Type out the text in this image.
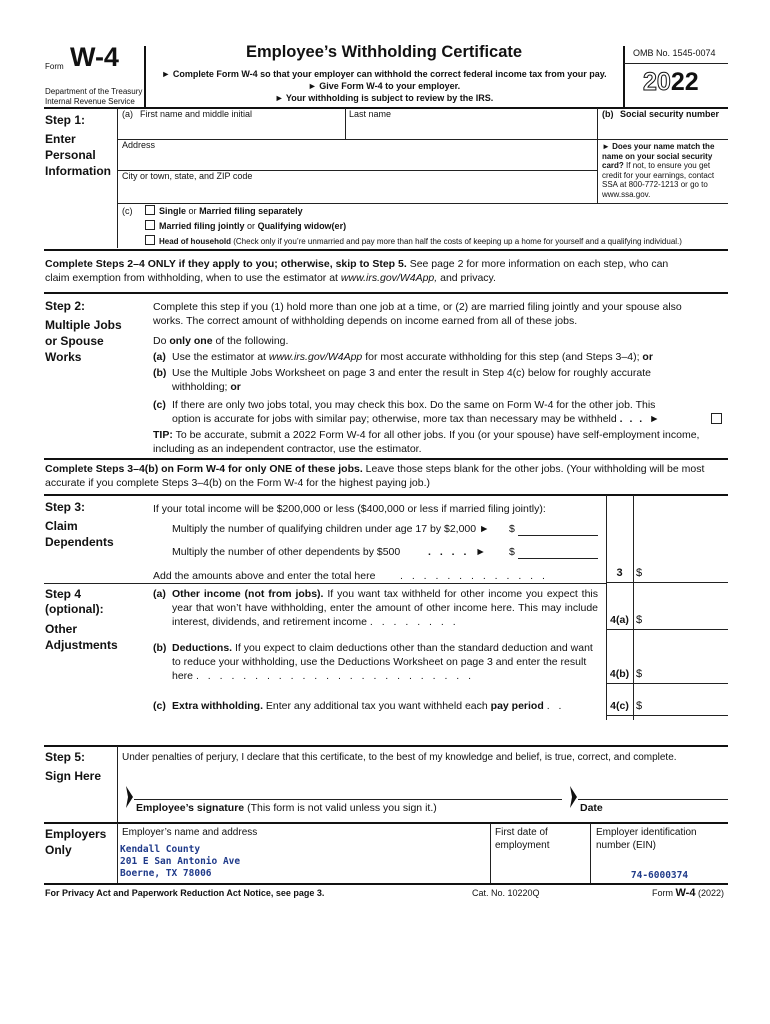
Form W-4
Department of the Treasury
Internal Revenue Service
Employee’s Withholding Certificate
► Complete Form W-4 so that your employer can withhold the correct federal income tax from your pay.
► Give Form W-4 to your employer.
► Your withholding is subject to review by the IRS.
OMB No. 1545-0074
2022
Step 1:
Enter Personal Information
(a) First name and middle initial	Last name	(b) Social security number
Address
City or town, state, and ZIP code
► Does your name match the name on your social security card? If not, to ensure you get credit for your earnings, contact SSA at 800-772-1213 or go to www.ssa.gov.
(c)	Single or Married filing separately
Married filing jointly or Qualifying widow(er)
Head of household (Check only if you’re unmarried and pay more than half the costs of keeping up a home for yourself and a qualifying individual.)
Complete Steps 2–4 ONLY if they apply to you; otherwise, skip to Step 5. See page 2 for more information on each step, who can
claim exemption from withholding, when to use the estimator at www.irs.gov/W4App, and privacy.
Step 2:
Multiple Jobs or Spouse Works
Complete this step if you (1) hold more than one job at a time, or (2) are married filing jointly and your spouse also works. The correct amount of withholding depends on income earned from all of these jobs.
Do only one of the following.
(a) Use the estimator at www.irs.gov/W4App for most accurate withholding for this step (and Steps 3–4); or
(b) Use the Multiple Jobs Worksheet on page 3 and enter the result in Step 4(c) below for roughly accurate withholding; or
(c) If there are only two jobs total, you may check this box. Do the same on Form W-4 for the other job. This
option is accurate for jobs with similar pay; otherwise, more tax than necessary may be withheld . . . ►
TIP: To be accurate, submit a 2022 Form W-4 for all other jobs. If you (or your spouse) have self-employment income, including as an independent contractor, use the estimator.
Complete Steps 3–4(b) on Form W-4 for only ONE of these jobs. Leave those steps blank for the other jobs. (Your withholding will be most accurate if you complete Steps 3–4(b) on the Form W-4 for the highest paying job.)
Step 3:
Claim Dependents
If your total income will be $200,000 or less ($400,000 or less if married filing jointly):
Multiply the number of qualifying children under age 17 by $2,000 ► $
Multiply the number of other dependents by $500	. . . . ► $
Add the amounts above and enter the total here . . . . . . . . . . . . .	3	$
Step 4
(optional):
Other Adjustments
(a) Other income (not from jobs). If you want tax withheld for other income you expect this year that won’t have withholding, enter the amount of other income here. This may include interest, dividends, and retirement income . . . . . . . .	4(a) $
(b) Deductions. If you expect to claim deductions other than the standard deduction and want to reduce your withholding, use the Deductions Worksheet on page 3 and enter the result here . . . . . . . . . . . . . . . . . . . . . . . .	4(b) $
(c) Extra withholding. Enter any additional tax you want withheld each pay period . .	4(c) $
Step 5:
Sign Here
Under penalties of perjury, I declare that this certificate, to the best of my knowledge and belief, is true, correct, and complete.
Employee’s signature (This form is not valid unless you sign it.)	Date
Employers Only
Employer’s name and address
Kendall County
201 E San Antonio Ave
Boerne, TX 78006
First date of employment
Employer identification number (EIN)
74-6000374
For Privacy Act and Paperwork Reduction Act Notice, see page 3.	Cat. No. 10220Q	Form W-4 (2022)
